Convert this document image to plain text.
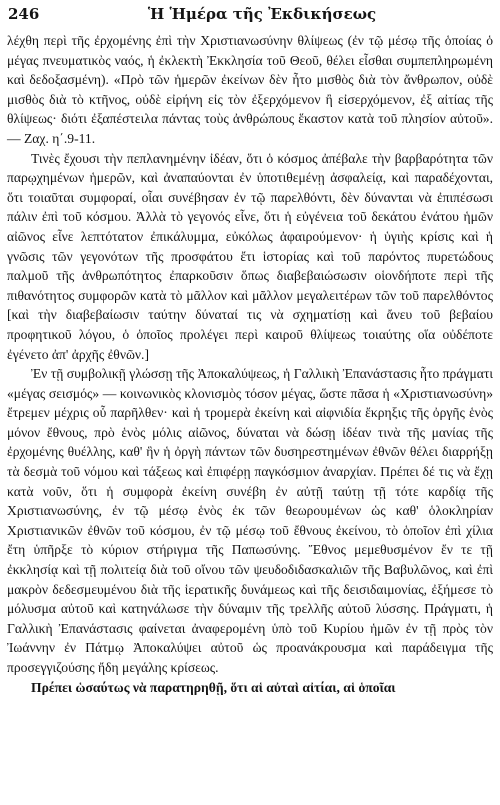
246	Ἡ Ἡμέρα τῆς Ἐκδικήσεως

λέχθη περὶ τῆς ἐρχομένης ἐπὶ τὴν Χριστιανωσύνην θλίψεως (ἐν τῷ μέσῳ τῆς ὁποίας ὁ μέγας πνευματικὸς ναός, ἡ ἐκλεκτὴ Ἐκκλησία τοῦ Θεοῦ, θέλει εἶσθαι συμπεπληρωμένη καὶ δεδοξασμένη). «Πρὸ τῶν ἡμερῶν ἐκείνων δὲν ἦτο μισθὸς διὰ τὸν ἄνθρωπον, οὐδὲ μισθὸς διὰ τὸ κτῆνος, οὐδὲ εἰρήνη εἰς τὸν ἐξερχόμενον ἢ εἰσερχόμενον, ἐξ αἰτίας τῆς θλίψεως· διότι ἐξαπέστειλα πάντας τοὺς ἀνθρώπους ἕκαστον κατὰ τοῦ πλησίον αὐτοῦ». — Ζαχ. η΄.9-11.

Τινὲς ἔχουσι τὴν πεπλανημένην ἰδέαν, ὅτι ὁ κόσμος ἀπέβαλε τὴν βαρβαρότητα τῶν παρῳχημένων ἡμερῶν, καὶ ἀναπαύονται ἐν ὑποτιθεμένῃ ἀσφαλείᾳ, καὶ παραδέχονται, ὅτι τοιαῦται συμφοραί, οἷαι συνέβησαν ἐν τῷ παρελθόντι, δὲν δύνανται νὰ ἐπιπέσωσι πάλιν ἐπὶ τοῦ κόσμου. Ἀλλὰ τὸ γεγονός εἶνε, ὅτι ἡ εὐγένεια τοῦ δεκάτου ἐνάτου ἡμῶν αἰῶνος εἶνε λεπτότατον ἐπικάλυμμα, εὐκόλως ἀφαιρούμενον· ἡ ὑγιὴς κρίσις καὶ ἡ γνῶσις τῶν γεγονότων τῆς προσφάτου ἔτι ἱστορίας καὶ τοῦ παρόντος πυρετώδους παλμοῦ τῆς ἀνθρωπότητος ἐπαρκοῦσιν ὅπως διαβεβαιώσωσιν οἱονδήποτε περὶ τῆς πιθανότητος συμφορῶν κατὰ τὸ μᾶλλον καὶ μᾶλλον μεγαλειτέρων τῶν τοῦ παρελθόντος [καὶ τὴν διαβεβαίωσιν ταύτην δύναταί τις νὰ σχηματίσῃ καὶ ἄνευ τοῦ βεβαίου προφητικοῦ λόγου, ὁ ὁποῖος προλέγει περὶ καιροῦ θλίψεως τοιαύτης οἵα οὐδέποτε ἐγένετο ἀπ' ἀρχῆς ἐθνῶν.]

Ἐν τῇ συμβολικῇ γλώσσῃ τῆς Ἀποκαλύψεως, ἡ Γαλλικὴ Ἐπανάστασις ἦτο πράγματι «μέγας σεισμός» — κοινωνικὸς κλονισμὸς τόσον μέγας, ὥστε πᾶσα ἡ «Χριστιανωσύνη» ἔτρεμεν μέχρις οὗ παρῆλθεν· καὶ ἡ τρομερὰ ἐκείνη καὶ αἰφνιδία ἔκρηξις τῆς ὀργῆς ἑνὸς μόνον ἔθνους, πρὸ ἑνὸς μόλις αἰῶνος, δύναται νὰ δώσῃ ἰδέαν τινὰ τῆς μανίας τῆς ἐρχομένης θυέλλης, καθ' ἣν ἡ ὀργὴ πάντων τῶν δυσηρεστημένων ἐθνῶν θέλει διαρρήξῃ τὰ δεσμὰ τοῦ νόμου καὶ τάξεως καὶ ἐπιφέρῃ παγκόσμιον ἀναρχίαν. Πρέπει δέ τις νὰ ἔχῃ κατὰ νοῦν, ὅτι ἡ συμφορὰ ἐκείνη συνέβη ἐν αὐτῇ ταύτῃ τῇ τότε καρδίᾳ τῆς Χριστιανωσύνης, ἐν τῷ μέσῳ ἑνὸς ἐκ τῶν θεωρουμένων ὡς καθ' ὁλοκληρίαν Χριστιανικῶν ἐθνῶν τοῦ κόσμου, ἐν τῷ μέσῳ τοῦ ἔθνους ἐκείνου, τὸ ὁποῖον ἐπὶ χίλια ἔτη ὑπῆρξε τὸ κύριον στήριγμα τῆς Παπωσύνης. Ἔθνος μεμεθυσμένον ἔν τε τῇ ἐκκλησίᾳ καὶ τῇ πολιτείᾳ διὰ τοῦ οἴνου τῶν ψευδοδιδασκαλιῶν τῆς Βαβυλῶνος, καὶ ἐπὶ μακρὸν δεδεσμευμένου διὰ τῆς ἱερατικῆς δυνάμεως καὶ τῆς δεισιδαιμονίας, ἐξήμεσε τὸ μόλυσμα αὐτοῦ καὶ κατηνάλωσε τὴν δύναμιν τῆς τρελλῆς αὐτοῦ λύσσης. Πράγματι, ἡ Γαλλικὴ Ἐπανάστασις φαίνεται ἀναφερομένη ὑπὸ τοῦ Κυρίου ἡμῶν ἐν τῇ πρὸς τὸν Ἰωάννην ἐν Πάτμῳ Ἀποκαλύψει αὐτοῦ ὡς προανάκρουσμα καὶ παράδειγμα τῆς προσεγγιζούσης ἤδη μεγάλης κρίσεως.

Πρέπει ὡσαύτως νὰ παρατηρηθῇ, ὅτι αἱ αὐταὶ αἰτίαι, αἱ ὁποῖαι
